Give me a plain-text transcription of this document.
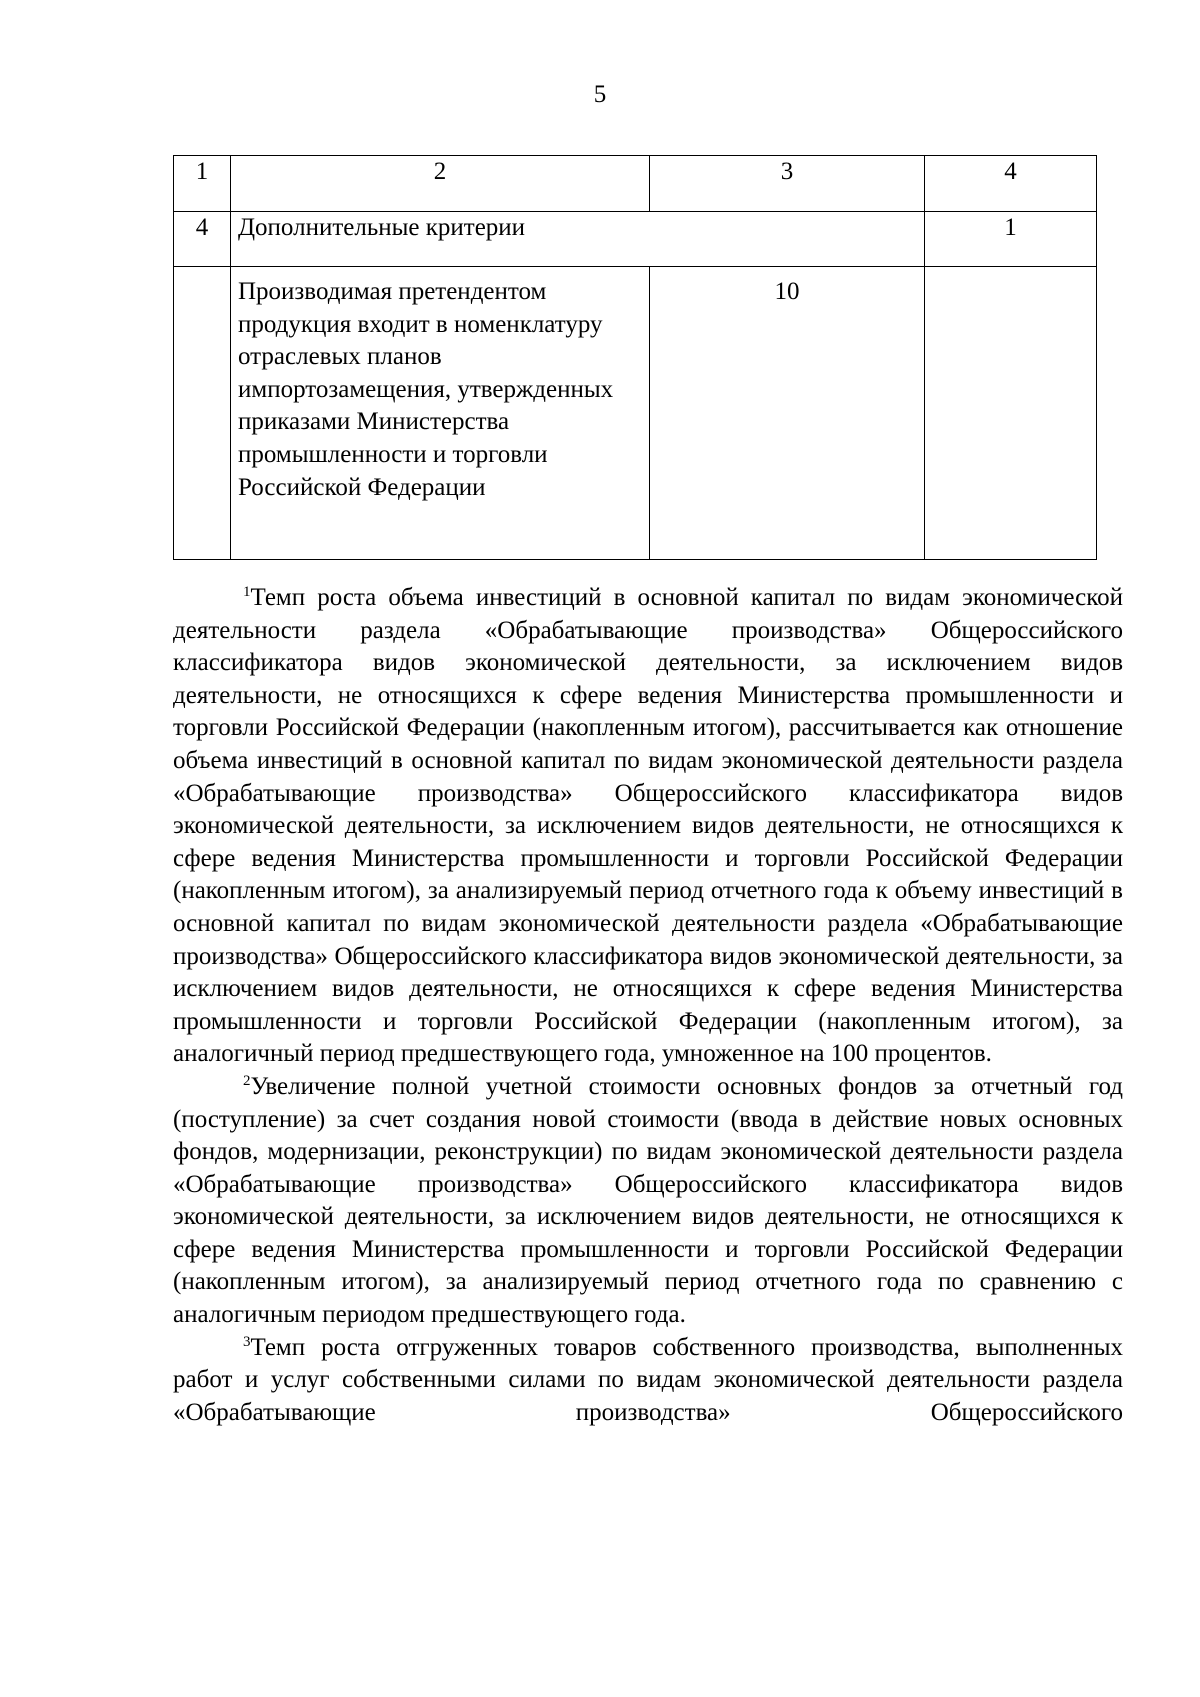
5
1	2	3	4
4	Дополнительные критерии		1
	Производимая претендентом продукция входит в номенклатуру отраслевых планов импортозамещения, утвержденных приказами Министерства промышленности и торговли Российской Федерации	10	

$^1$Темп роста объема инвестиций в основной капитал по видам экономической деятельности раздела «Обрабатывающие производства» Общероссийского классификатора видов экономической деятельности, за исключением видов деятельности, не относящихся к сфере ведения Министерства промышленности и торговли Российской Федерации (накопленным итогом), рассчитывается как отношение объема инвестиций в основной капитал по видам экономической деятельности раздела «Обрабатывающие производства» Общероссийского классификатора видов экономической деятельности, за исключением видов деятельности, не относящихся к сфере ведения Министерства промышленности и торговли Российской Федерации (накопленным итогом), за анализируемый период отчетного года к объему инвестиций в основной капитал по видам экономической деятельности раздела «Обрабатывающие производства» Общероссийского классификатора видов экономической деятельности, за исключением видов деятельности, не относящихся к сфере ведения Министерства промышленности и торговли Российской Федерации (накопленным итогом), за аналогичный период предшествующего года, умноженное на 100 процентов.

$^2$Увеличение полной учетной стоимости основных фондов за отчетный год (поступление) за счет создания новой стоимости (ввода в действие новых основных фондов, модернизации, реконструкции) по видам экономической деятельности раздела «Обрабатывающие производства» Общероссийского классификатора видов экономической деятельности, за исключением видов деятельности, не относящихся к сфере ведения Министерства промышленности и торговли Российской Федерации (накопленным итогом), за анализируемый период отчетного года по сравнению с аналогичным периодом предшествующего года.

$^3$Темп роста отгруженных товаров собственного производства, выполненных работ и услуг собственными силами по видам экономической деятельности раздела «Обрабатывающие производства» Общероссийского
